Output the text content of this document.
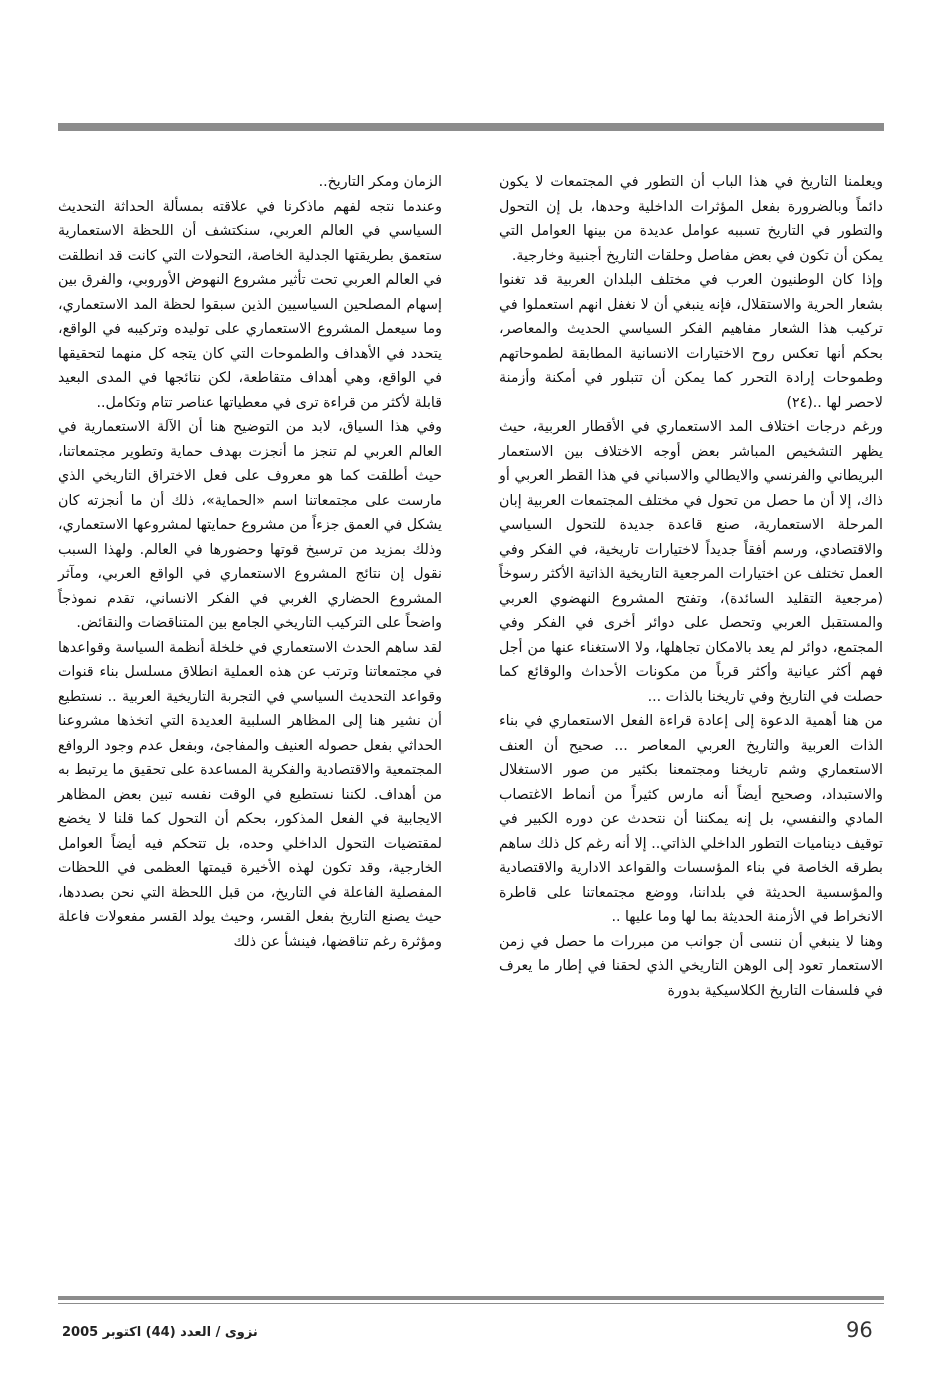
ويعلمنا التاريخ في هذا الباب أن التطور في المجتمعات لا يكون دائماً وبالضرورة بفعل المؤثرات الداخلية وحدها، بل إن التحول والتطور في التاريخ تسببه عوامل عديدة من بينها العوامل التي يمكن أن تكون في بعض مفاصل وحلقات التاريخ أجنبية وخارجية.

وإذا كان الوطنيون العرب في مختلف البلدان العربية قد تغنوا بشعار الحرية والاستقلال، فإنه ينبغي أن لا نغفل انهم استعملوا في تركيب هذا الشعار مفاهيم الفكر السياسي الحديث والمعاصر، بحكم أنها تعكس روح الاختيارات الانسانية المطابقة لطموحاتهم وطموحات إرادة التحرر كما يمكن أن تتبلور في أمكنة وأزمنة لاحصر لها ..(٢٤)

ورغم درجات اختلاف المد الاستعماري في الأقطار العربية، حيث يظهر التشخيص المباشر بعض أوجه الاختلاف بين الاستعمار البريطاني والفرنسي والايطالي والاسباني في هذا القطر العربي أو ذاك، إلا أن ما حصل من تحول في مختلف المجتمعات العربية إبان المرحلة الاستعمارية، صنع قاعدة جديدة للتحول السياسي والاقتصادي، ورسم أفقاً جديداً لاختيارات تاريخية، في الفكر وفي العمل تختلف عن اختيارات المرجعية التاريخية الذاتية الأكثر رسوخاً (مرجعية التقليد السائدة)، وتفتح المشروع النهضوي العربي والمستقبل العربي وتحصل على دوائر أخرى في الفكر وفي المجتمع، دوائر لم يعد بالامكان تجاهلها، ولا الاستغناء عنها من أجل فهم أكثر عيانية وأكثر قرباً من مكونات الأحداث والوقائع كما حصلت في التاريخ وفي تاريخنا بالذات ...

من هنا أهمية الدعوة إلى إعادة قراءة الفعل الاستعماري في بناء الذات العربية والتاريخ العربي المعاصر ... صحيح أن العنف الاستعماري وشم تاريخنا ومجتمعنا بكثير من صور الاستغلال والاستبداد، وصحيح أيضاً أنه مارس كثيراً من أنماط الاغتصاب المادي والنفسي، بل إنه يمكننا أن نتحدث عن دوره الكبير في توقيف ديناميات التطور الداخلي الذاتي.. إلا أنه رغم كل ذلك ساهم بطرقه الخاصة في بناء المؤسسات والقواعد الادارية والاقتصادية والمؤسسية الحديثة في بلداننا، ووضع مجتمعاتنا على قاطرة الانخراط في الأزمنة الحديثة بما لها وما عليها ..

وهنا لا ينبغي أن ننسى أن جوانب من مبررات ما حصل في زمن الاستعمار تعود إلى الوهن التاريخي الذي لحقنا في إطار ما يعرف في فلسفات التاريخ الكلاسيكية بدورة

الزمان ومكر التاريخ..

وعندما نتجه لفهم ماذكرنا في علاقته بمسألة الحداثة التحديث السياسي في العالم العربي، سنكتشف أن اللحظة الاستعمارية ستعمق بطريقتها الجدلية الخاصة، التحولات التي كانت قد انطلقت في العالم العربي تحت تأثير مشروع النهوض الأوروبي، والفرق بين إسهام المصلحين السياسيين الذين سبقوا لحظة المد الاستعماري، وما سيعمل المشروع الاستعماري على توليده وتركيبه في الواقع، يتحدد في الأهداف والطموحات التي كان يتجه كل منهما لتحقيقها في الواقع، وهي أهداف متقاطعة، لكن نتائجها في المدى البعيد قابلة لأكثر من قراءة ترى في معطياتها عناصر تتام وتكامل..

وفي هذا السياق، لابد من التوضيح هنا أن الآلة الاستعمارية في العالم العربي لم تنجز ما أنجزت بهدف حماية وتطوير مجتمعاتنا، حيث أطلقت كما هو معروف على فعل الاختراق التاريخي الذي مارست على مجتمعاتنا اسم «الحماية»، ذلك أن ما أنجزته كان يشكل في العمق جزءاً من مشروع حمايتها لمشروعها الاستعماري، وذلك بمزيد من ترسيخ قوتها وحضورها في العالم. ولهذا السبب نقول إن نتائج المشروع الاستعماري في الواقع العربي، ومآثر المشروع الحضاري الغربي في الفكر الانساني، تقدم نموذجاً واضحاً على التركيب التاريخي الجامع بين المتناقضات والنقائض.

لقد ساهم الحدث الاستعماري في خلخلة أنظمة السياسة وقواعدها في مجتمعاتنا وترتب عن هذه العملية انطلاق مسلسل بناء قنوات وقواعد التحديث السياسي في التجربة التاريخية العربية .. نستطيع أن نشير هنا إلى المظاهر السلبية العديدة التي اتخذها مشروعنا الحداثي بفعل حصوله العنيف والمفاجئ، وبفعل عدم وجود الروافع المجتمعية والاقتصادية والفكرية المساعدة على تحقيق ما يرتبط به من أهداف. لكننا نستطيع في الوقت نفسه تبين بعض المظاهر الايجابية في الفعل المذكور، بحكم أن التحول كما قلنا لا يخضع لمقتضيات التحول الداخلي وحده، بل تتحكم فيه أيضاً العوامل الخارجية، وقد تكون لهذه الأخيرة قيمتها العظمى في اللحظات المفصلية الفاعلة في التاريخ، من قبل اللحظة التي نحن بصددها، حيث يصنع التاريخ بفعل القسر، وحيث يولد القسر مفعولات فاعلة ومؤثرة رغم تناقضها، فينشأ عن ذلك

96
نزوى / العدد (44) اكتوبر 2005
